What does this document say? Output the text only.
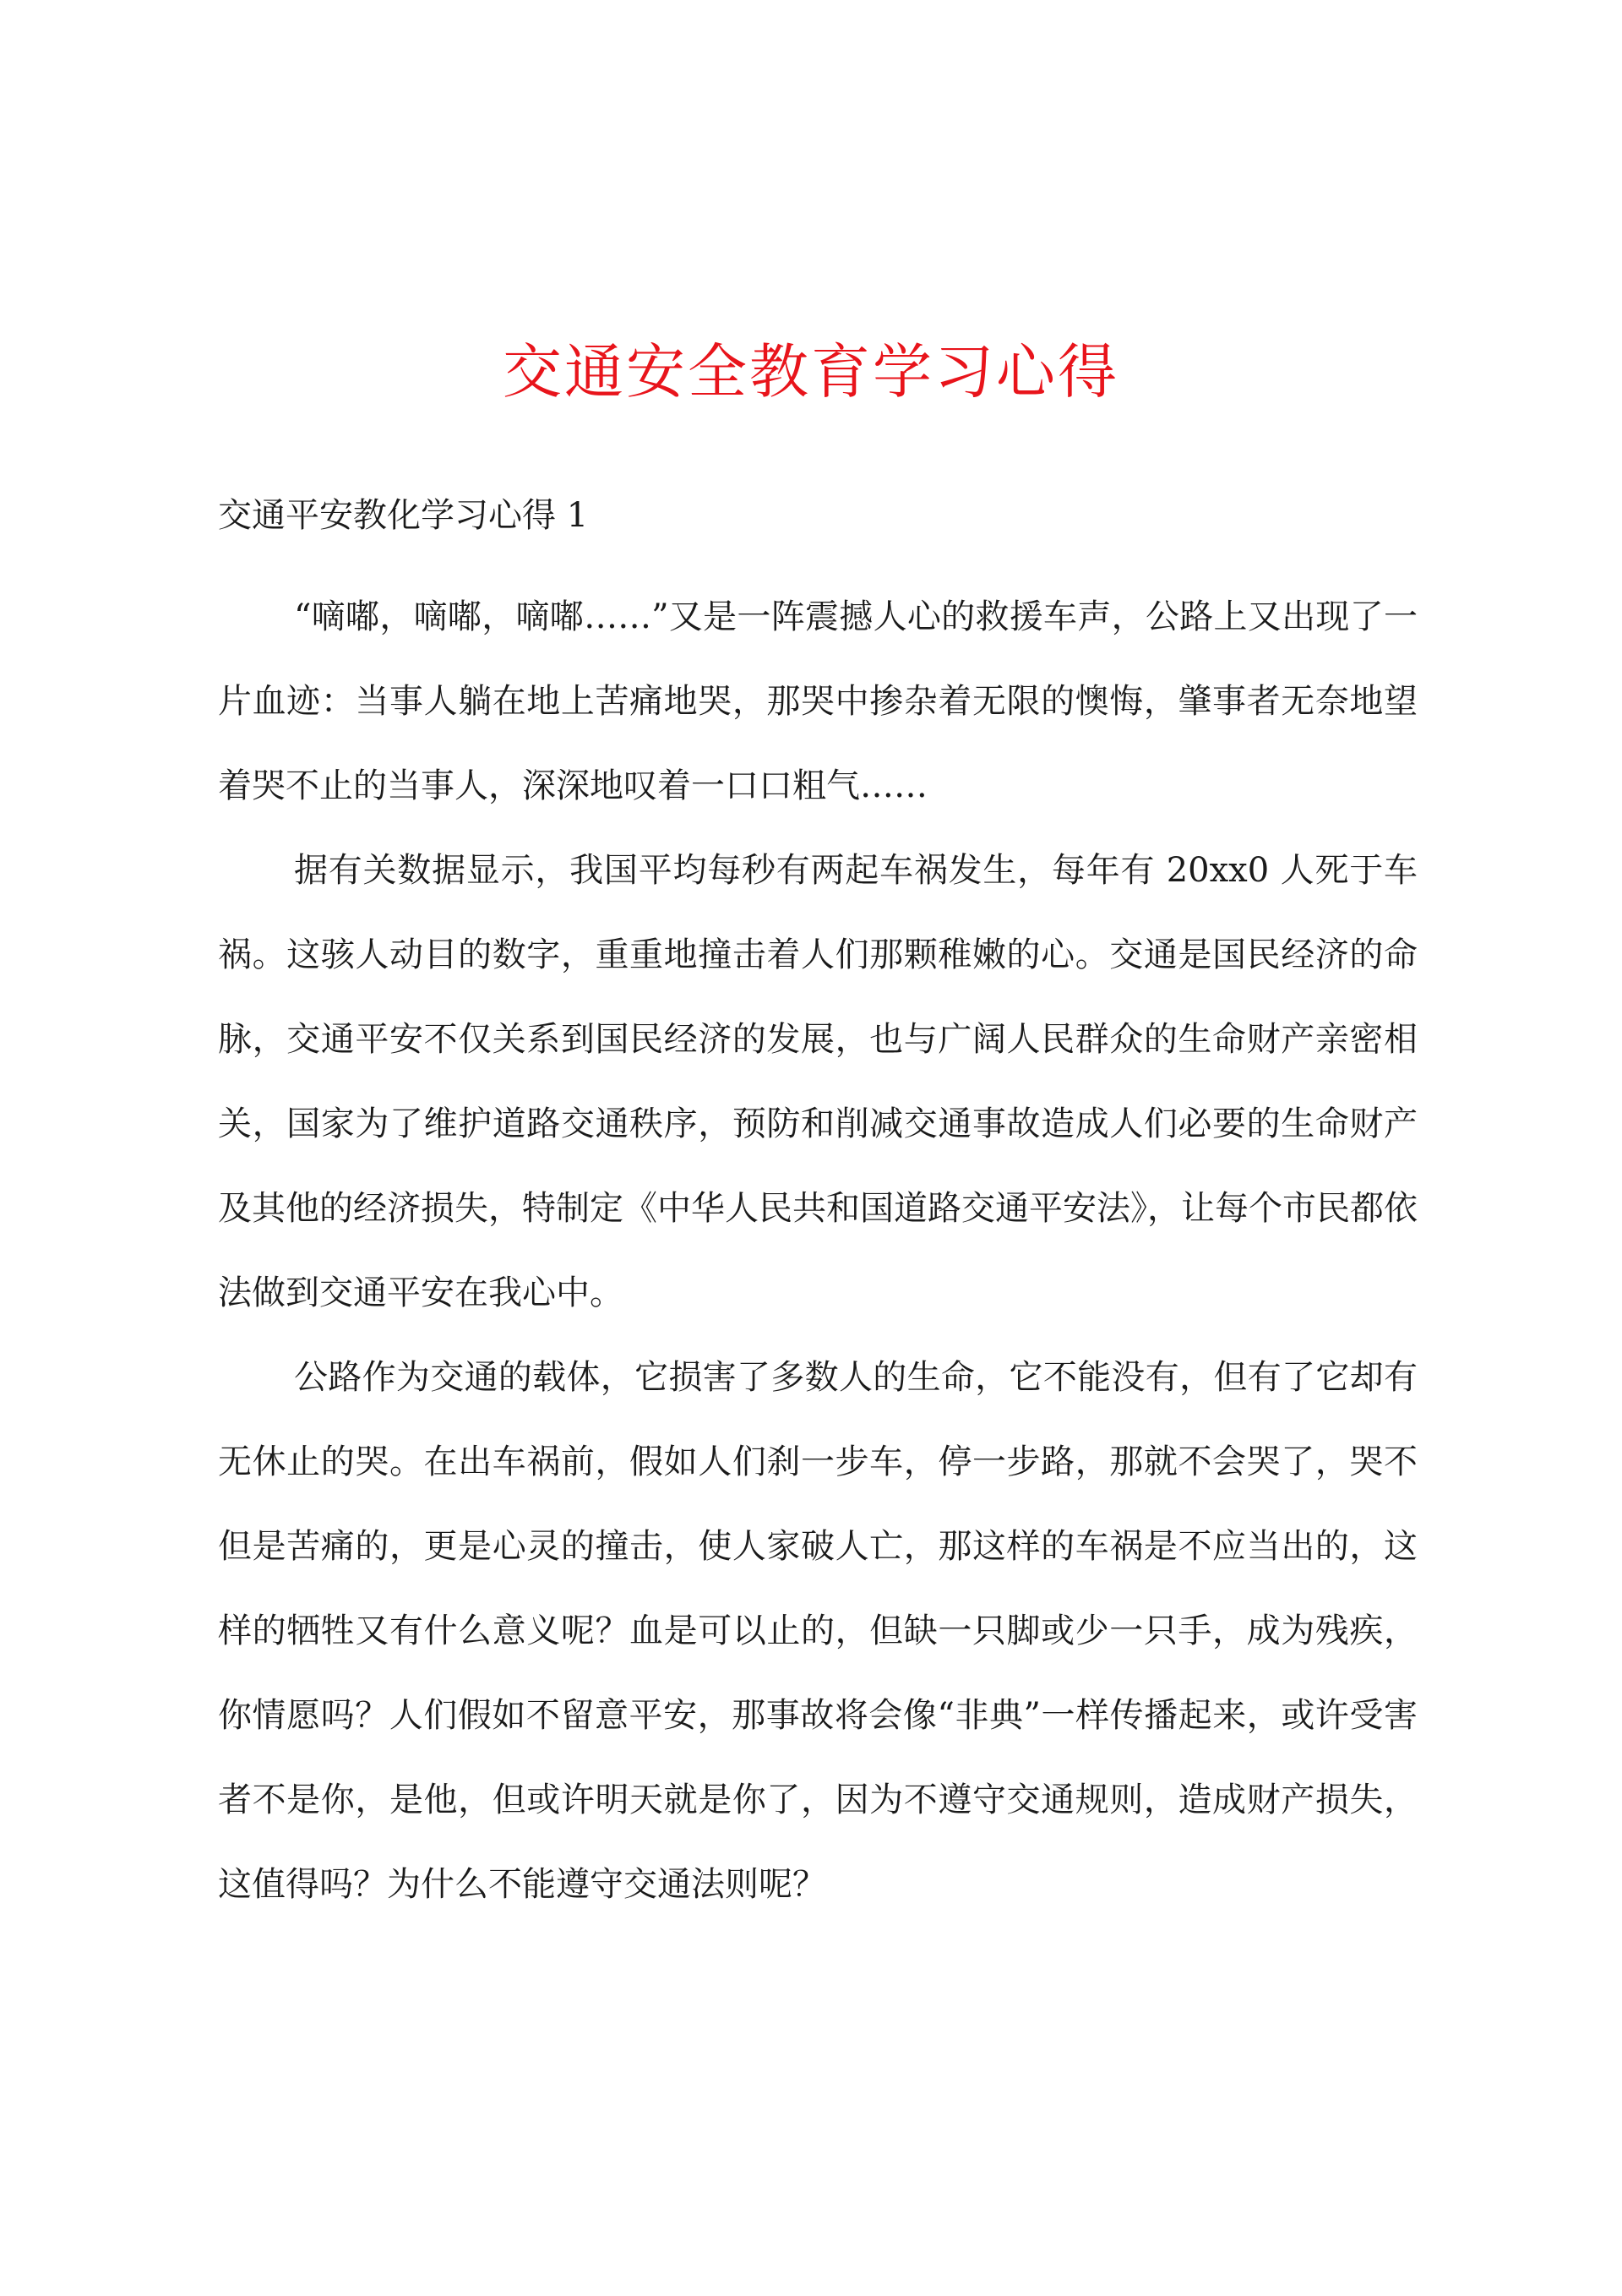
交通安全教育学习心得

交通平安教化学习心得 1

“嘀嘟，嘀嘟，嘀嘟……”又是一阵震撼人心的救援车声，公路上又出现了一片血迹：当事人躺在地上苦痛地哭，那哭中掺杂着无限的懊悔，肇事者无奈地望着哭不止的当事人，深深地叹着一口口粗气……

据有关数据显示，我国平均每秒有两起车祸发生，每年有 20xx0 人死于车祸。这骇人动目的数字，重重地撞击着人们那颗稚嫩的心。交通是国民经济的命脉，交通平安不仅关系到国民经济的发展，也与广阔人民群众的生命财产亲密相关，国家为了维护道路交通秩序，预防和削减交通事故造成人们必要的生命财产及其他的经济损失，特制定《中华人民共和国道路交通平安法》，让每个市民都依法做到交通平安在我心中。

公路作为交通的载体，它损害了多数人的生命，它不能没有，但有了它却有无休止的哭。在出车祸前，假如人们刹一步车，停一步路，那就不会哭了，哭不但是苦痛的，更是心灵的撞击，使人家破人亡，那这样的车祸是不应当出的，这样的牺牲又有什么意义呢？血是可以止的，但缺一只脚或少一只手，成为残疾，你情愿吗？人们假如不留意平安，那事故将会像“非典”一样传播起来，或许受害者不是你，是他，但或许明天就是你了，因为不遵守交通规则，造成财产损失，这值得吗？为什么不能遵守交通法则呢？
